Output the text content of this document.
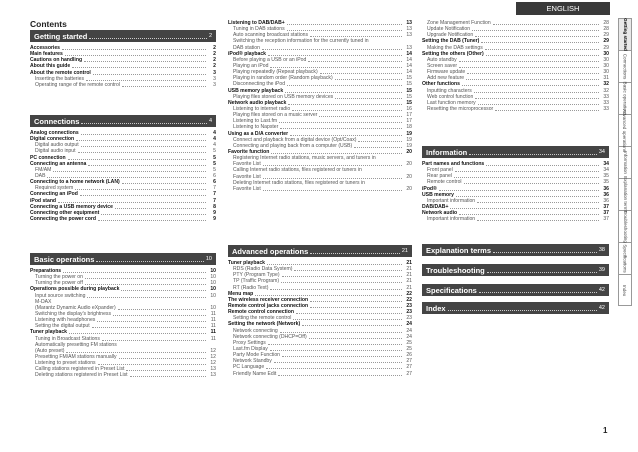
ENGLISH
Contents
Getting started	2
Accessories	2
Main features	2
Cautions on handling	2
About this guide	2
About the remote control	3
Inserting the batteries	3
Operating range of the remote control	3
Connections	4
Analog connections	4
Digital connection	4
Digital audio output	4
Digital audio input	5
PC connection	5
Connecting an antenna	5
FM/AM	5
DAB	6
Connecting to a home network (LAN)	6
Required system	7
Connecting an iPod	7
iPod stand	7
Connecting a USB memory device	8
Connecting other equipment	9
Connecting the power cord	9
Basic operations	10
Preparations	10
Turning the power on	10
Turning the power off	10
Operations possible during playback	10
Input source switching	10
M-DAX
(Marantz Dynamic Audio eXpander)	10
Switching the display's brightness	11
Listening with headphones	11
Setting the digital output	11
Tuner playback	11
Tuning in Broadcast Stations	11
Automatically presetting FM stations
(Auto preset)	12
Presetting FM/AM stations manually	12
Listening to preset stations	12
Calling stations registered in Preset List	13
Deleting stations registered in Preset List	13
Listening to DAB/DAB+	13
Tuning in DAB stations	13
Auto scanning broadcast stations	13
Switching the reception information for the currently tuned in
DAB station	13
iPod® playback	14
Before playing a USB or an iPod	14
Playing an iPod	14
Playing repeatedly (Repeat playback)	14
Playing in random order (Random playback)	15
Disconnecting the iPod	15
USB memory playback	15
Playing files stored on USB memory devices	15
Network audio playback	15
Listening to internet radio	16
Playing files stored on a music server	17
Listening to Last.fm	17
Listening to Napster	18
Using as a D/A converter	19
Connect and playback from a digital device (Opt/Coax)	19
Connecting and playing back from a computer (USB)	19
Favorite function	20
Registering Internet radio stations, music servers, and tuners in
Favorite List	20
Calling Internet radio stations, files registered or tuners in
Favorite List	20
Deleting Internet radio stations, files registered or tuners in
Favorite List	20
Advanced operations	21
Tuner playback	21
RDS (Radio Data System)	21
PTY (Program Type)	21
TP (Traffic Program)	21
RT (Radio Text)	21
Menu map	22
The wireless receiver connection	22
Remote control jacks connection	23
Remote control connection	23
Setting the remote control	23
Setting the network (Network)	24
Network connecting	24
Network connecting (DHCP=Off)	24
Proxy Settings	25
Last.fm Display	25
Party Mode Function	26
Network Standby	27
PC Language	27
Friendly Name Edit	27
Zone Management Function	28
Update Notification	28
Upgrade Notification	29
Setting the DAB (Tuner)	29
Making the DAB settings	29
Setting the others (Other)	30
Auto standby	30
Screen saver	30
Firmware update	30
Add new feature	31
Other functions	32
Inputting characters	32
Web control function	33
Last function memory	33
Resetting the microprocessor	33
Information	34
Part names and functions	34
Front panel	34
Rear panel	35
Remote control	35
iPod®	36
USB memory	36
Important information	36
DAB/DAB+	37
Network audio	37
Important information	37
Explanation terms	38
Troubleshooting	39
Specifications	42
Index	42
Getting started
Connections
Basic operations
Advanced operations
Information
Explanation terms
Troubleshooting
Specifications
Index
1
